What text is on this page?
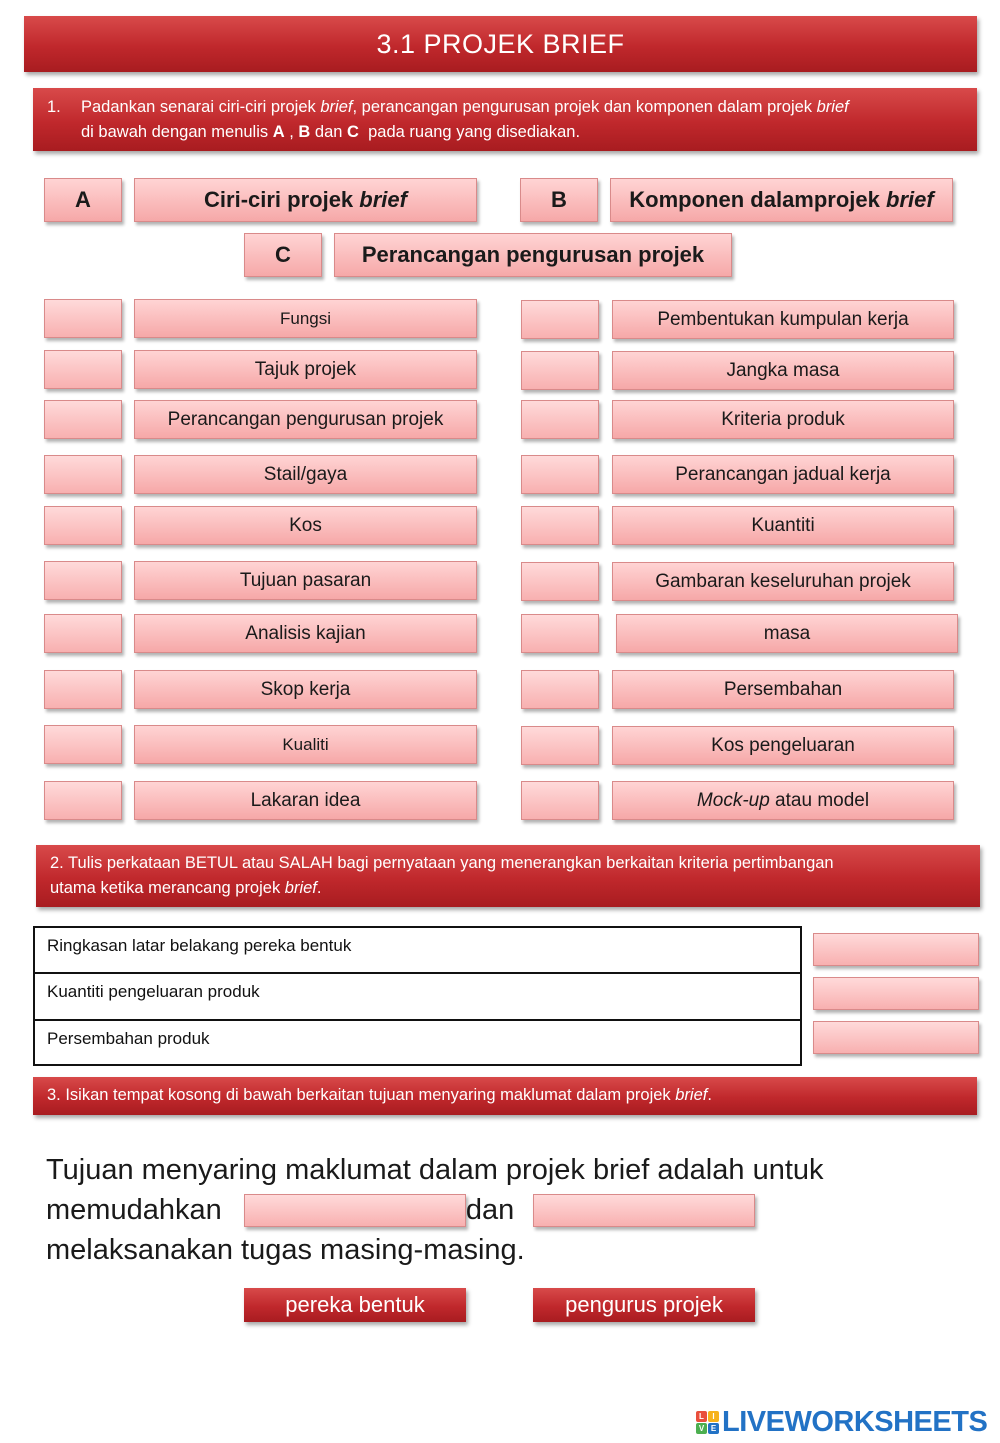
3.1 PROJEK BRIEF
1. Padankan senarai ciri-ciri projek brief, perancangan pengurusan projek dan komponen dalam projek brief
di bawah dengan menulis A , B dan C  pada ruang yang disediakan.
A	Ciri-ciri projek brief	B	Komponen dalamprojek brief
C	Perancangan pengurusan projek
Fungsi
Tajuk projek
Perancangan pengurusan projek
Stail/gaya
Kos
Tujuan pasaran
Analisis kajian
Skop kerja
Kualiti
Lakaran idea
Pembentukan kumpulan kerja
Jangka masa
Kriteria produk
Perancangan jadual kerja
Kuantiti
Gambaran keseluruhan projek
masa
Persembahan
Kos pengeluaran
Mock-up atau model
2. Tulis perkataan BETUL atau SALAH bagi pernyataan yang menerangkan berkaitan kriteria pertimbangan
utama ketika merancang projek brief.
Ringkasan latar belakang pereka bentuk
Kuantiti pengeluaran produk
Persembahan produk
3. Isikan tempat kosong di bawah berkaitan tujuan menyaring maklumat dalam projek brief.
Tujuan menyaring maklumat dalam projek brief adalah untuk
memudahkan	dan
melaksanakan tugas masing-masing.
pereka bentuk	pengurus projek
L	I
V E LIVEWORKSHEETS
